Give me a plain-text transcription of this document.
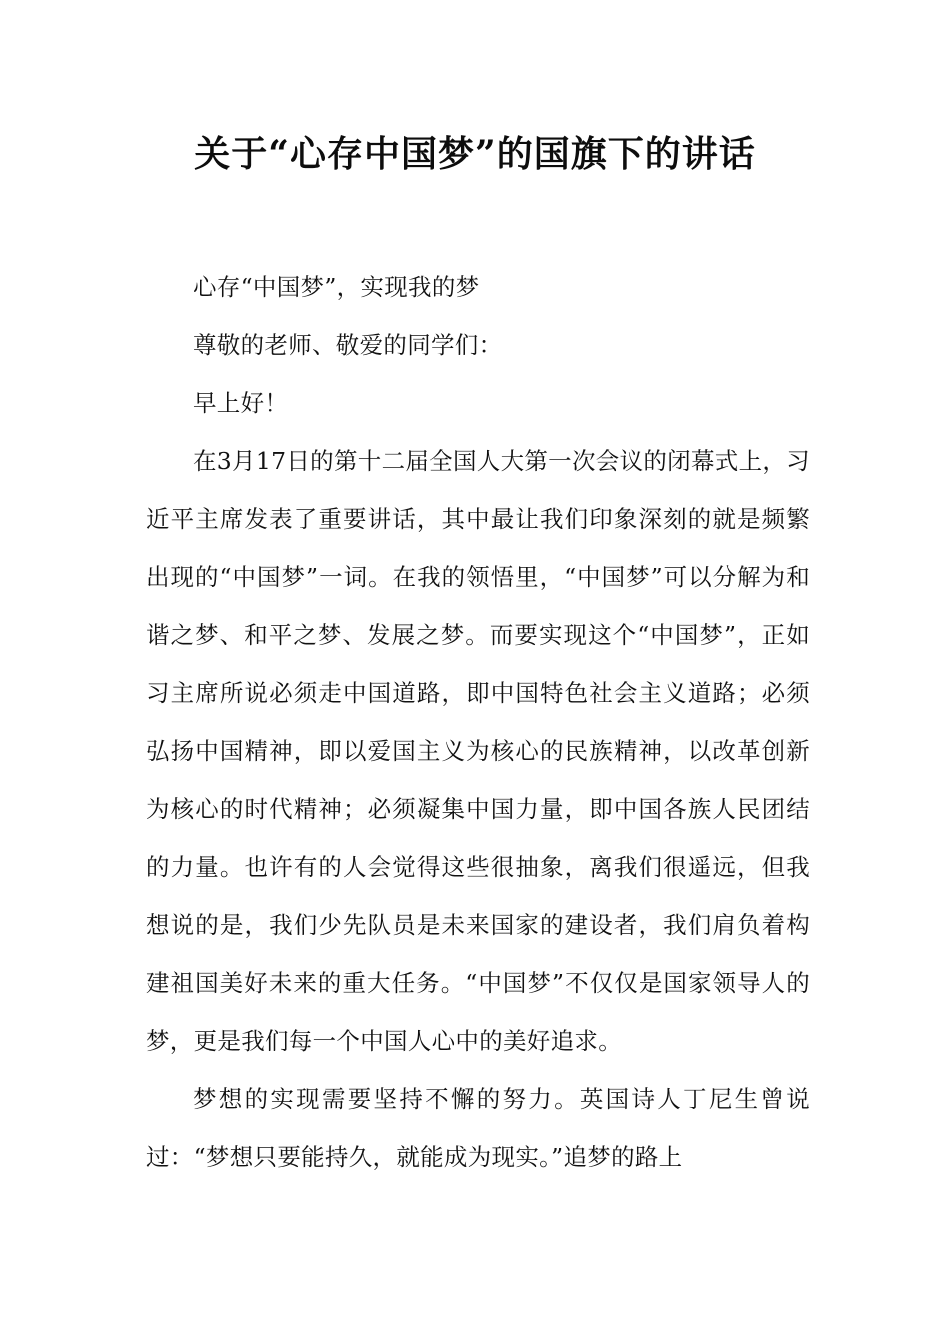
关于“心存中国梦”的国旗下的讲话

心存“中国梦”，实现我的梦

尊敬的老师、敬爱的同学们：

早上好！

在3月17日的第十二届全国人大第一次会议的闭幕式上，习近平主席发表了重要讲话，其中最让我们印象深刻的就是频繁出现的“中国梦”一词。在我的领悟里，“中国梦”可以分解为和谐之梦、和平之梦、发展之梦。而要实现这个“中国梦”，正如习主席所说必须走中国道路，即中国特色社会主义道路；必须弘扬中国精神，即以爱国主义为核心的民族精神，以改革创新为核心的时代精神；必须凝集中国力量，即中国各族人民团结的力量。也许有的人会觉得这些很抽象，离我们很遥远，但我想说的是，我们少先队员是未来国家的建设者，我们肩负着构建祖国美好未来的重大任务。“中国梦”不仅仅是国家领导人的梦，更是我们每一个中国人心中的美好追求。

梦想的实现需要坚持不懈的努力。英国诗人丁尼生曾说过：“梦想只要能持久，就能成为现实。”追梦的路上
